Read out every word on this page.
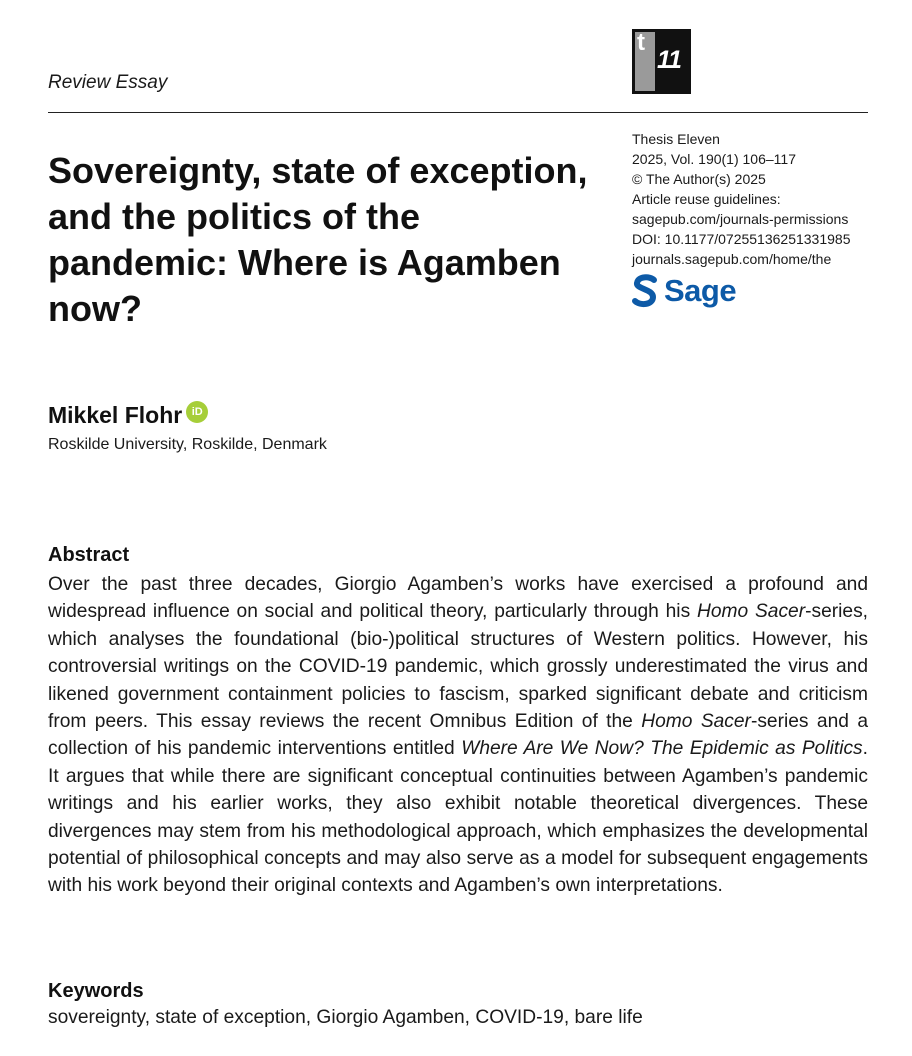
Review Essay
t
11
Sovereignty, state of exception, and the politics of the pandemic: Where is Agamben now?
Thesis Eleven
2025, Vol. 190(1) 106–117
© The Author(s) 2025
Article reuse guidelines:
sagepub.com/journals-permissions
DOI: 10.1177/07255136251331985
journals.sagepub.com/home/the
Sage
Mikkel Flohr iD
Roskilde University, Roskilde, Denmark
Abstract

Over the past three decades, Giorgio Agamben’s works have exercised a profound and widespread influence on social and political theory, particularly through his Homo Sacer-series, which analyses the foundational (bio-)political structures of Western politics. However, his controversial writings on the COVID-19 pandemic, which grossly underestimated the virus and likened government containment policies to fascism, sparked significant debate and criticism from peers. This essay reviews the recent Omnibus Edition of the Homo Sacer-series and a collection of his pandemic interventions entitled Where Are We Now? The Epidemic as Politics. It argues that while there are significant conceptual continuities between Agamben’s pandemic writings and his earlier works, they also exhibit notable theoretical divergences. These divergences may stem from his methodological approach, which emphasizes the developmental potential of philosophical concepts and may also serve as a model for subsequent engagements with his work beyond their original contexts and Agamben’s own interpretations.

Keywords
sovereignty, state of exception, Giorgio Agamben, COVID-19, bare life
